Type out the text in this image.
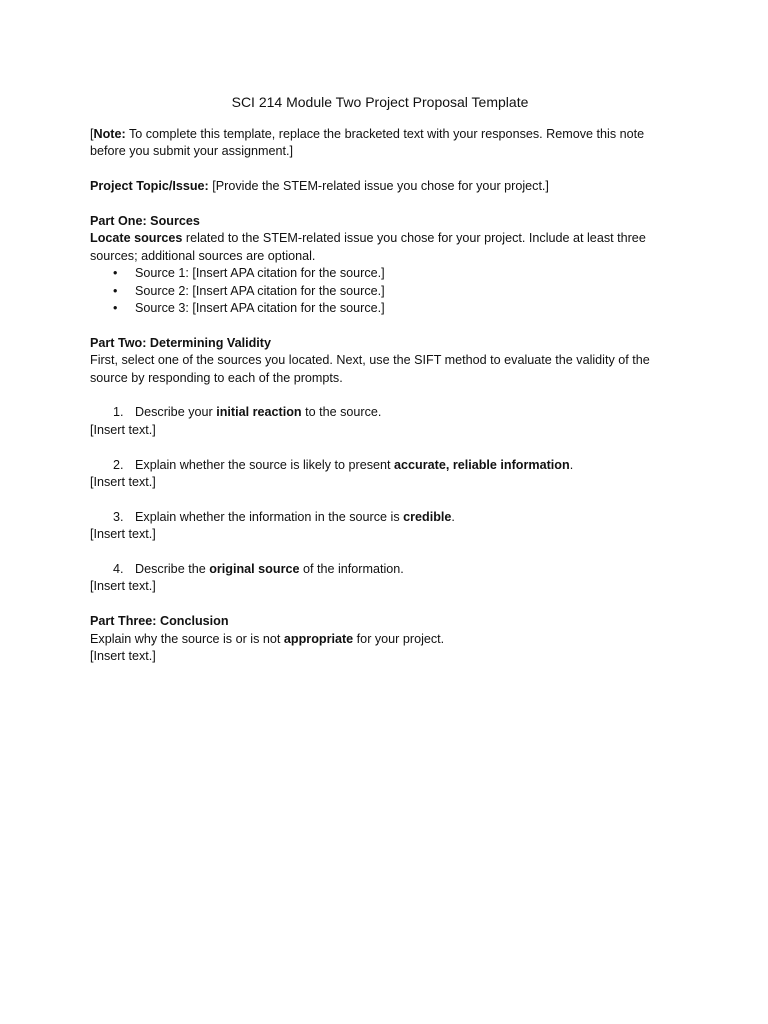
SCI 214 Module Two Project Proposal Template

[Note: To complete this template, replace the bracketed text with your responses. Remove this note before you submit your assignment.]

Project Topic/Issue: [Provide the STEM-related issue you chose for your project.]

Part One: Sources

Locate sources related to the STEM-related issue you chose for your project. Include at least three sources; additional sources are optional.

• Source 1: [Insert APA citation for the source.]
• Source 2: [Insert APA citation for the source.]
• Source 3: [Insert APA citation for the source.]

Part Two: Determining Validity

First, select one of the sources you located. Next, use the SIFT method to evaluate the validity of the source by responding to each of the prompts.

1. Describe your initial reaction to the source.

[Insert text.]

2. Explain whether the source is likely to present accurate, reliable information.

[Insert text.]

3. Explain whether the information in the source is credible.

[Insert text.]

4. Describe the original source of the information.

[Insert text.]

Part Three: Conclusion

Explain why the source is or is not appropriate for your project.

[Insert text.]
